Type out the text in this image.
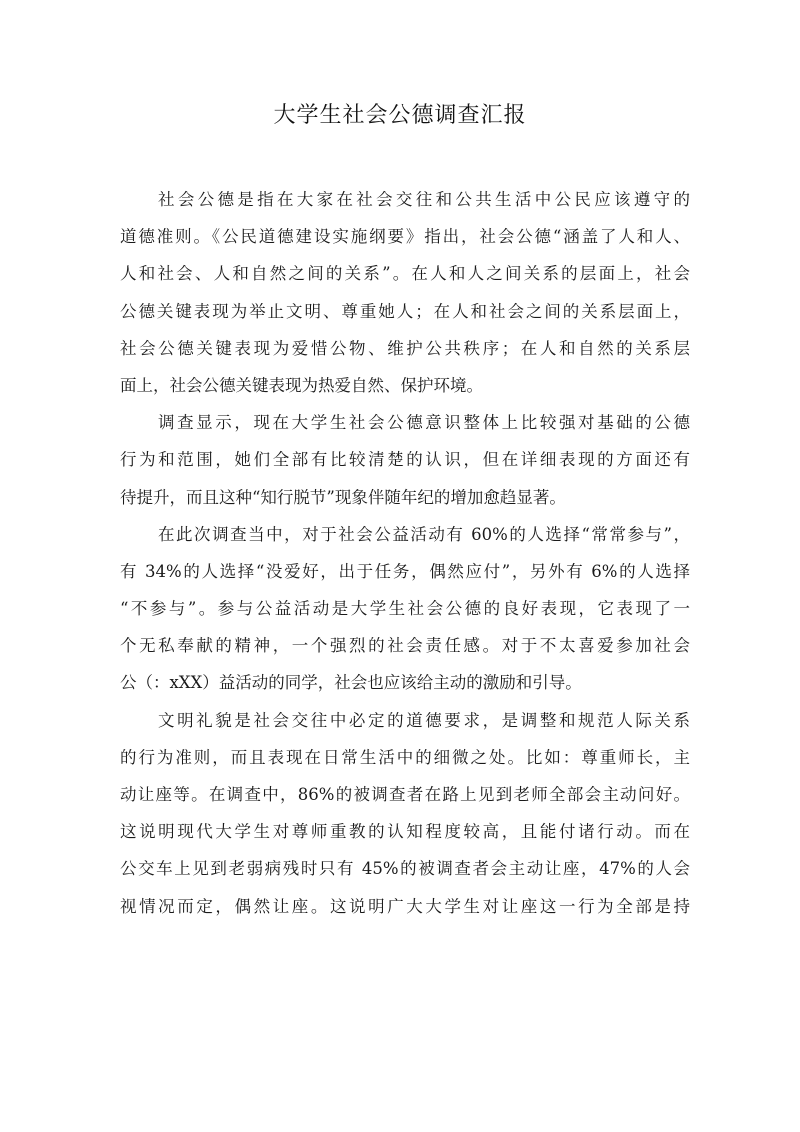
大学生社会公德调查汇报
社会公德是指在大家在社会交往和公共生活中公民应该遵守的
道德准则。《公民道德建设实施纲要》指出，社会公德“涵盖了人和人、
人和社会、人和自然之间的关系”。在人和人之间关系的层面上，社会
公德关键表现为举止文明、尊重她人；在人和社会之间的关系层面上，
社会公德关键表现为爱惜公物、维护公共秩序；在人和自然的关系层
面上，社会公德关键表现为热爱自然、保护环境。
调查显示，现在大学生社会公德意识整体上比较强对基础的公德
行为和范围，她们全部有比较清楚的认识，但在详细表现的方面还有
待提升，而且这种“知行脱节”现象伴随年纪的增加愈趋显著。
在此次调查当中，对于社会公益活动有 60%的人选择“常常参与”，
有 34%的人选择“没爱好，出于任务，偶然应付”，另外有 6%的人选择
“不参与”。参与公益活动是大学生社会公德的良好表现，它表现了一
个无私奉献的精神，一个强烈的社会责任感。对于不太喜爱参加社会
公（：xXX）益活动的同学，社会也应该给主动的激励和引导。
文明礼貌是社会交往中必定的道德要求，是调整和规范人际关系
的行为准则，而且表现在日常生活中的细微之处。比如：尊重师长，主
动让座等。在调查中，86%的被调查者在路上见到老师全部会主动问好。
这说明现代大学生对尊师重教的认知程度较高，且能付诸行动。而在
公交车上见到老弱病残时只有 45%的被调查者会主动让座，47%的人会
视情况而定，偶然让座。这说明广大大学生对让座这一行为全部是持
